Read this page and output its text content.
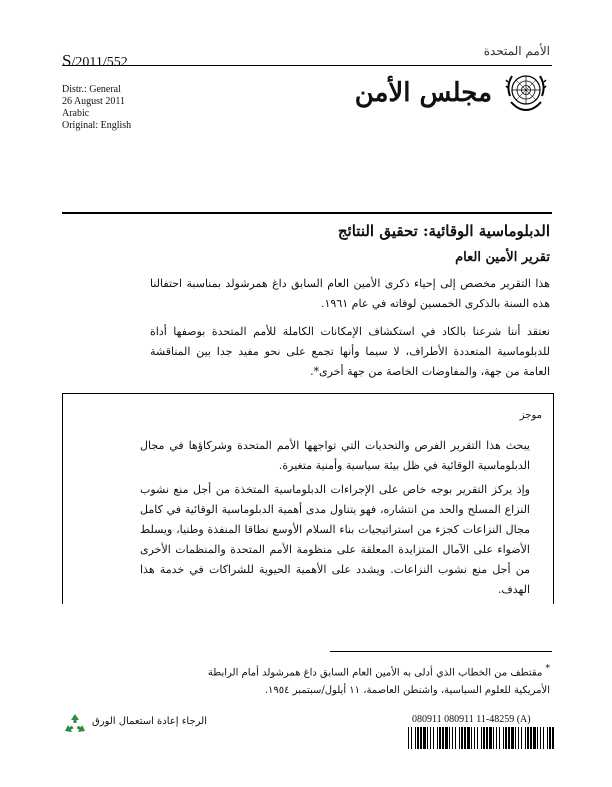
الأمم المتحدة
S/2011/552
مجلس الأمن
Distr.: General
26 August 2011
Arabic
Original: English
الدبلوماسية الوقائية: تحقيق النتائج
تقرير الأمين العام
هذا التقرير مخصص إلى إحياء ذكرى الأمين العام السابق داغ همرشولد بمناسبة احتفالنا هذه السنة بالذكرى الخمسين لوفاته في عام ١٩٦١.
نعتقد أننا شرعنا بالكاد في استكشاف الإمكانات الكاملة للأمم المتحدة بوصفها أداة للدبلوماسية المتعددة الأطراف، لا سيما وأنها تجمع على نحو مفيد جدا بين المناقشة العامة من جهة، والمفاوضات الخاصة من جهة أخرى*.
موجز
يبحث هذا التقرير الفرص والتحديات التي تواجهها الأمم المتحدة وشركاؤها في مجال الدبلوماسية الوقائية في ظل بيئة سياسية وأمنية متغيرة.
وإذ يركز التقرير بوجه خاص على الإجراءات الدبلوماسية المتخذة من أجل منع نشوب النزاع المسلح والحد من انتشاره، فهو يتناول مدى أهمية الدبلوماسية الوقائية في كامل مجال النزاعات كجزء من استراتيجيات بناء السلام الأوسع نطاقا المنفذة وطنيا، ويسلط الأضواء على الآمال المتزايدة المعلقة على منظومة الأمم المتحدة والمنظمات الأخرى من أجل منع نشوب النزاعات. ويشدد على الأهمية الحيوية للشراكات في خدمة هذا الهدف.
* مقتطف من الخطاب الذي أدلى به الأمين العام السابق داغ همرشولد أمام الرابطة الأمريكية للعلوم السياسية، واشنطن العاصمة، ١١ أيلول/سبتمبر ١٩٥٤.
الرجاء إعادة استعمال الورق	080911 080911 11-48259 (A)
